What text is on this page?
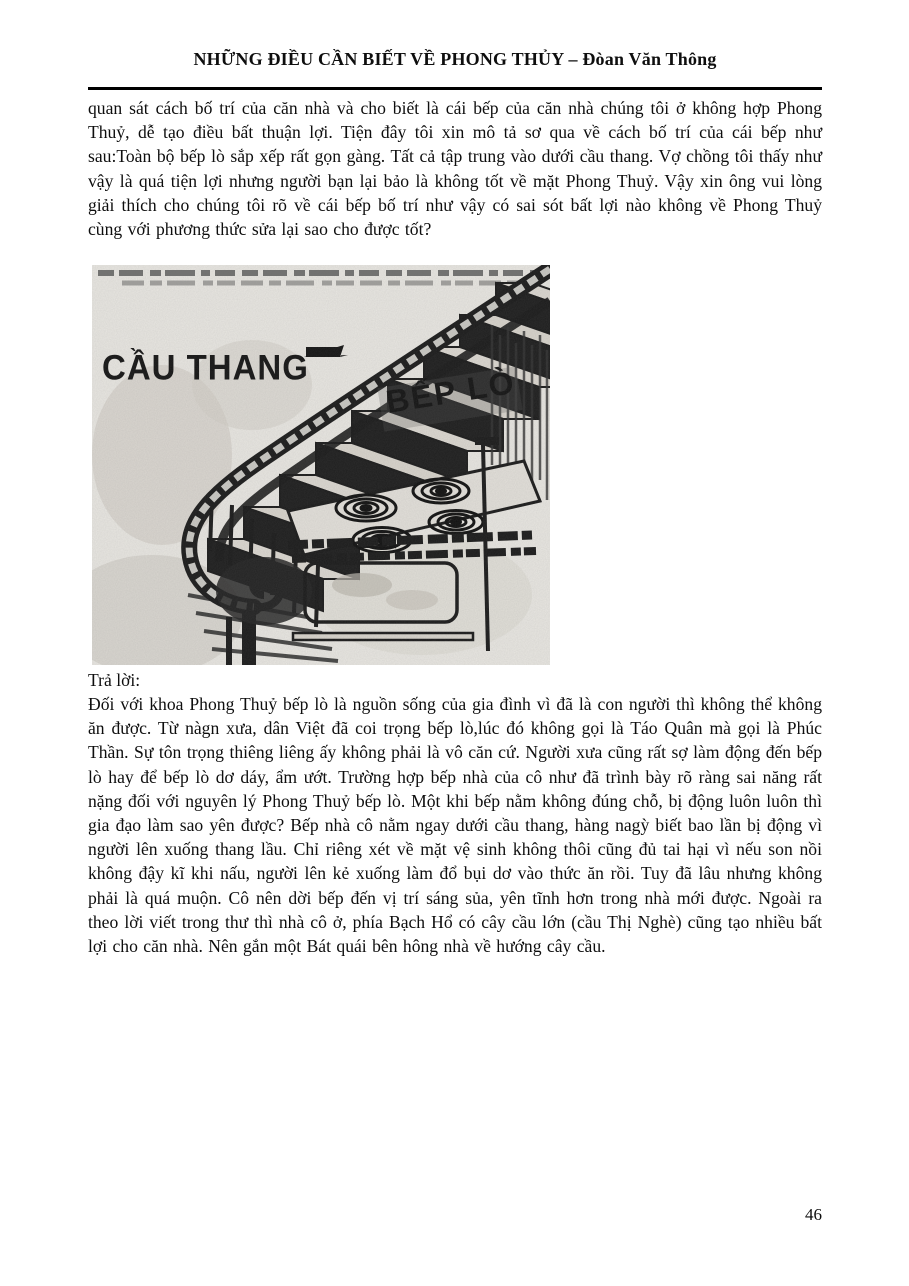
NHỮNG ĐIỀU CẦN BIẾT VỀ PHONG THỦY – Đòan Văn Thông
quan sát cách bố trí của căn nhà và cho biết là cái bếp của căn nhà chúng tôi ở không hợp Phong Thuỷ, dễ tạo điều bất thuận lợi. Tiện đây tôi xin mô tả sơ qua về cách bố trí của cái bếp như sau:Toàn bộ bếp lò sắp xếp rất gọn gàng. Tất cả tập trung vào dưới cầu thang. Vợ chồng tôi thấy như vậy là quá tiện lợi nhưng người bạn lại bảo là không tốt về mặt Phong Thuỷ. Vậy xin ông vui lòng giải thích cho chúng tôi rõ về cái bếp bố trí như vậy có sai sót bất lợi nào không về Phong Thuỷ cùng với phương thức sửa lại sao cho được tốt?
Trả lời:
Đối với khoa Phong Thuỷ bếp lò là nguồn sống của gia đình vì đã là con người thì không thể không ăn được. Từ nàgn xưa, dân Việt đã coi trọng bếp lò,lúc đó không gọi là Táo Quân mà gọi là Phúc Thần. Sự tôn trọng thiêng liêng ấy không phải là vô căn cứ. Người xưa cũng rất sợ làm động đến bếp lò hay để bếp lò dơ dáy, ẩm ướt. Trường hợp bếp nhà của cô như đã trình bày rõ ràng sai năng rất nặng đối với nguyên lý Phong Thuỷ bếp lò. Một khi bếp nằm không đúng chỗ, bị động luôn luôn thì gia đạo làm sao yên được? Bếp nhà cô nằm ngay dưới cầu thang, hàng nagỳ biết bao lần bị động vì người lên xuống thang lầu. Chỉ riêng xét về mặt vệ sinh không thôi cũng đủ tai hại vì nếu son nồi không đậy kĩ khi nấu, người lên kẻ xuống làm đổ bụi dơ vào thức ăn rồi. Tuy đã lâu nhưng không phải là quá muộn. Cô nên dời bếp đến vị trí sáng sủa, yên tĩnh hơn trong nhà mới được. Ngoài ra theo lời viết trong thư thì nhà cô ở, phía Bạch Hổ có cây cầu lớn (cầu Thị Nghè) cũng tạo nhiều bất lợi cho căn nhà. Nên gắn một Bát quái bên hông nhà về hướng cây cầu.
46
